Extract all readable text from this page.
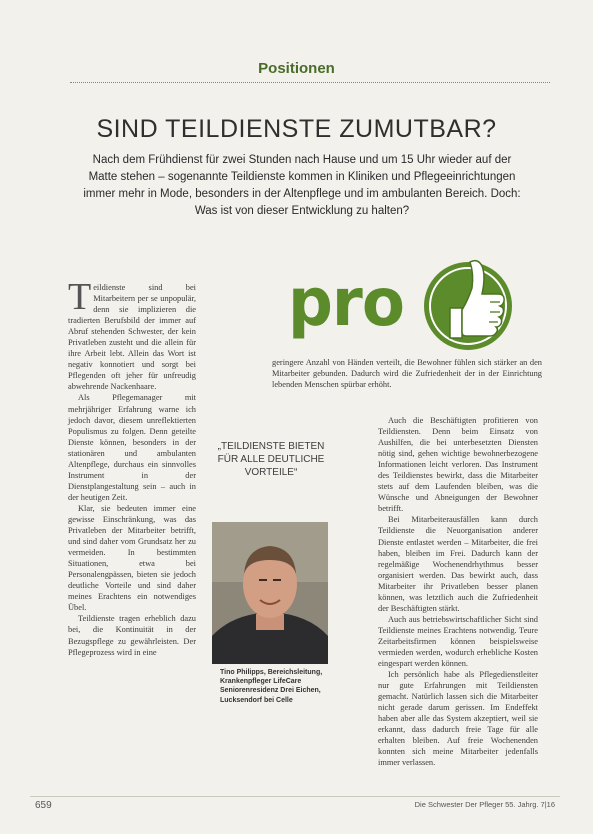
Positionen
SIND TEILDIENSTE ZUMUTBAR?
Nach dem Frühdienst für zwei Stunden nach Hause und um 15 Uhr wieder auf der Matte stehen – sogenannte Teildienste kommen in Kliniken und Pflegeeinrichtungen immer mehr in Mode, besonders in der Altenpflege und im ambulanten Bereich. Doch: Was ist von dieser Entwicklung zu halten?
pro

Teildienste sind bei Mitarbeitern per se unpopulär, denn sie implizieren die tradierten Berufsbild der immer auf Abruf stehenden Schwester, der kein Privatleben zusteht und die allein für ihre Arbeit lebt. Allein das Wort ist negativ konnotiert und sorgt bei Pflegenden oft jeher für unfreudig abwehrende Nackenhaare.

Als Pflegemanager mit mehrjähriger Erfahrung warne ich jedoch davor, diesem unreflektierten Populismus zu folgen. Denn geteilte Dienste können, besonders in der stationären und ambulanten Altenpflege, durchaus ein sinnvolles Instrument in der Dienstplangestaltung sein – auch in der heutigen Zeit.

Klar, sie bedeuten immer eine gewisse Einschränkung, was das Privatleben der Mitarbeiter betrifft, und sind daher vom Grundsatz her zu vermeiden. In bestimmten Situationen, etwa bei Personalengpässen, bieten sie jedoch deutliche Vorteile und sind daher meines Erachtens ein notwendiges Übel.

Teildienste tragen erheblich dazu bei, die Kontinuität in der Bezugspflege zu gewährleisten. Der Pflegeprozess wird in eine

geringere Anzahl von Händen verteilt, die Bewohner fühlen sich stärker an den Mitarbeiter gebunden. Dadurch wird die Zufriedenheit der in der Einrichtung lebenden Menschen spürbar erhöht.

Auch die Beschäftigten profitieren von Teildiensten. Denn beim Einsatz von Aushilfen, die bei unterbesetzten Diensten nötig sind, gehen wichtige bewohnerbezogene Informationen leicht verloren. Das Instrument des Teildienstes bewirkt, dass die Mitarbeiter stets auf dem Laufenden bleiben, was die Wünsche und Abneigungen der Bewohner betrifft.

Bei Mitarbeiterausfällen kann durch Teildienste die Neuorganisation anderer Dienste entlastet werden – Mitarbeiter, die frei haben, bleiben im Frei. Dadurch kann der regelmäßige Wochenendrhythmus besser organisiert werden. Das bewirkt auch, dass Mitarbeiter ihr Privatleben besser planen können, was letztlich auch die Zufriedenheit der Beschäftigten stärkt.

Auch aus betriebswirtschaftlicher Sicht sind Teildienste meines Erachtens notwendig. Teure Zeitarbeitsfirmen können beispielsweise vermieden werden, wodurch erhebliche Kosten eingespart werden können.

Ich persönlich habe als Pflegedienstleiter nur gute Erfahrungen mit Teildiensten gemacht. Natürlich lassen sich die Mitarbeiter nicht gerade darum gerissen. Im Endeffekt haben aber alle das System akzeptiert, weil sie erkannt, dass dadurch freie Tage für alle erhalten bleiben. Auf freie Wochenenden konnten sich meine Mitarbeiter jedenfalls immer verlassen.

„TEILDIENSTE BIETEN FÜR ALLE DEUTLICHE VORTEILE“
Tino Philipps, Bereichsleitung, Krankenpfleger LifeCare Seniorenresidenz Drei Eichen, Lucksendorf bei Celle
659	Die Schwester Der Pfleger 55. Jahrg. 7|16
